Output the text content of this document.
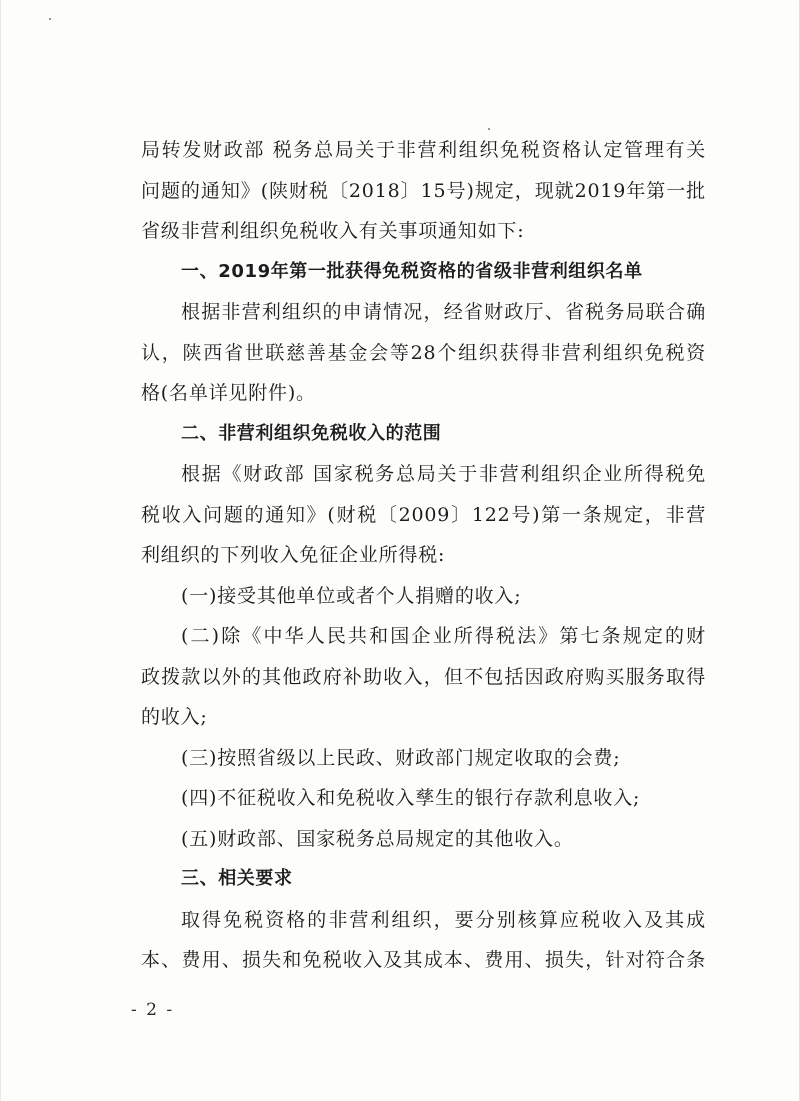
局转发财政部 税务总局关于非营利组织免税资格认定管理有关

问题的通知》(陕财税〔2018〕15号)规定，现就2019年第一批

省级非营利组织免税收入有关事项通知如下:

一、2019年第一批获得免税资格的省级非营利组织名单

根据非营利组织的申请情况，经省财政厅、省税务局联合确

认，陕西省世联慈善基金会等28个组织获得非营利组织免税资

格(名单详见附件)。

二、非营利组织免税收入的范围

根据《财政部 国家税务总局关于非营利组织企业所得税免

税收入问题的通知》(财税〔2009〕122号)第一条规定，非营

利组织的下列收入免征企业所得税:

(一)接受其他单位或者个人捐赠的收入;

(二)除《中华人民共和国企业所得税法》第七条规定的财

政拨款以外的其他政府补助收入，但不包括因政府购买服务取得

的收入;

(三)按照省级以上民政、财政部门规定收取的会费;

(四)不征税收入和免税收入孳生的银行存款利息收入;

(五)财政部、国家税务总局规定的其他收入。

三、相关要求

取得免税资格的非营利组织，要分别核算应税收入及其成

本、费用、损失和免税收入及其成本、费用、损失，针对符合条

- 2 -
